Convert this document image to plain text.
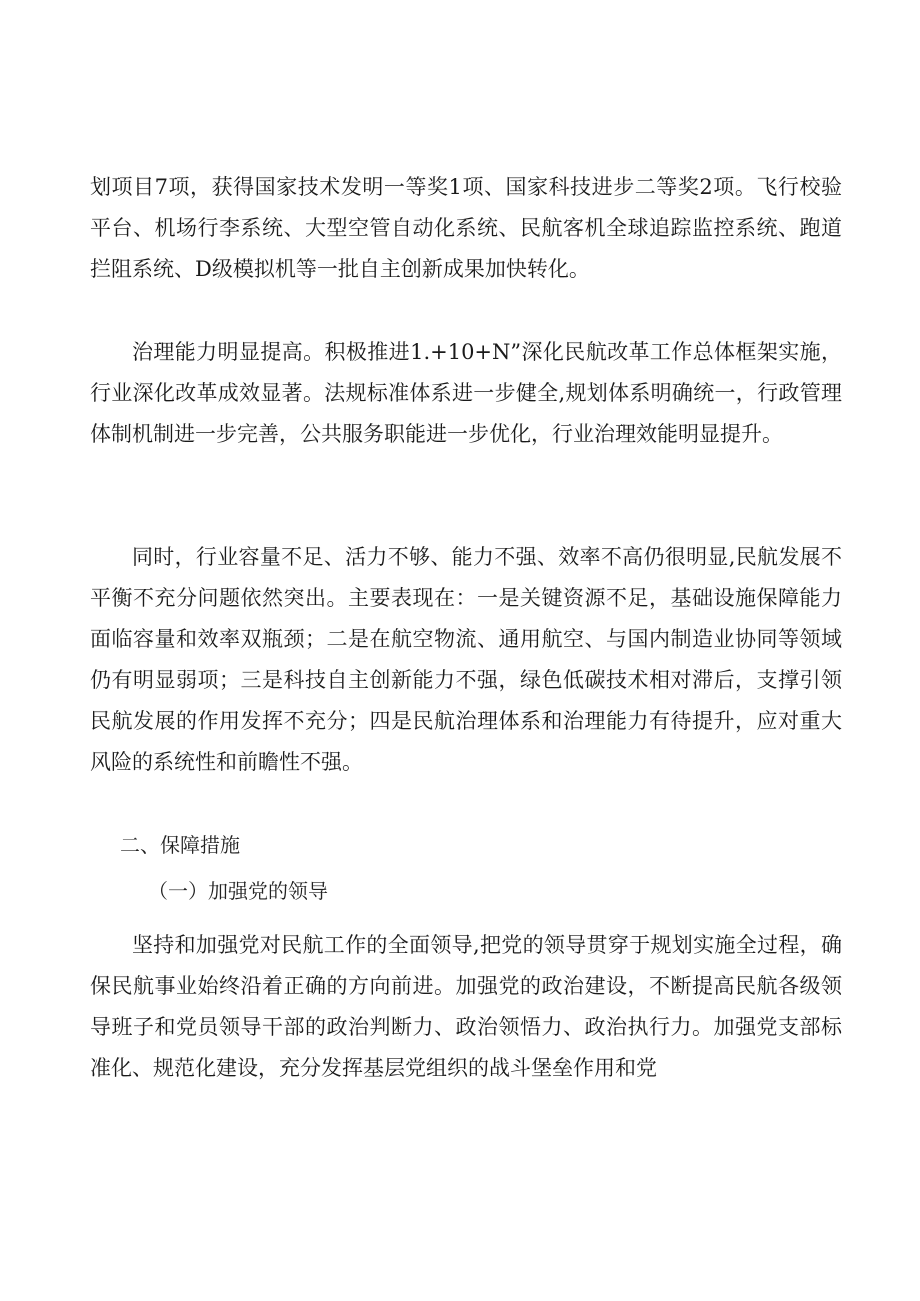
划项目7项，获得国家技术发明一等奖1项、国家科技进步二等奖2项。飞行校验平台、机场行李系统、大型空管自动化系统、民航客机全球追踪监控系统、跑道拦阻系统、D级模拟机等一批自主创新成果加快转化。

治理能力明显提高。积极推进1.+10+N”深化民航改革工作总体框架实施，行业深化改革成效显著。法规标准体系进一步健全,规划体系明确统一，行政管理体制机制进一步完善，公共服务职能进一步优化，行业治理效能明显提升。

同时，行业容量不足、活力不够、能力不强、效率不高仍很明显,民航发展不平衡不充分问题依然突出。主要表现在：一是关键资源不足，基础设施保障能力面临容量和效率双瓶颈；二是在航空物流、通用航空、与国内制造业协同等领域仍有明显弱项；三是科技自主创新能力不强，绿色低碳技术相对滞后，支撑引领民航发展的作用发挥不充分；四是民航治理体系和治理能力有待提升，应对重大风险的系统性和前瞻性不强。

二、保障措施
（一）加强党的领导

坚持和加强党对民航工作的全面领导,把党的领导贯穿于规划实施全过程，确保民航事业始终沿着正确的方向前进。加强党的政治建设，不断提高民航各级领导班子和党员领导干部的政治判断力、政治领悟力、政治执行力。加强党支部标准化、规范化建设，充分发挥基层党组织的战斗堡垒作用和党
